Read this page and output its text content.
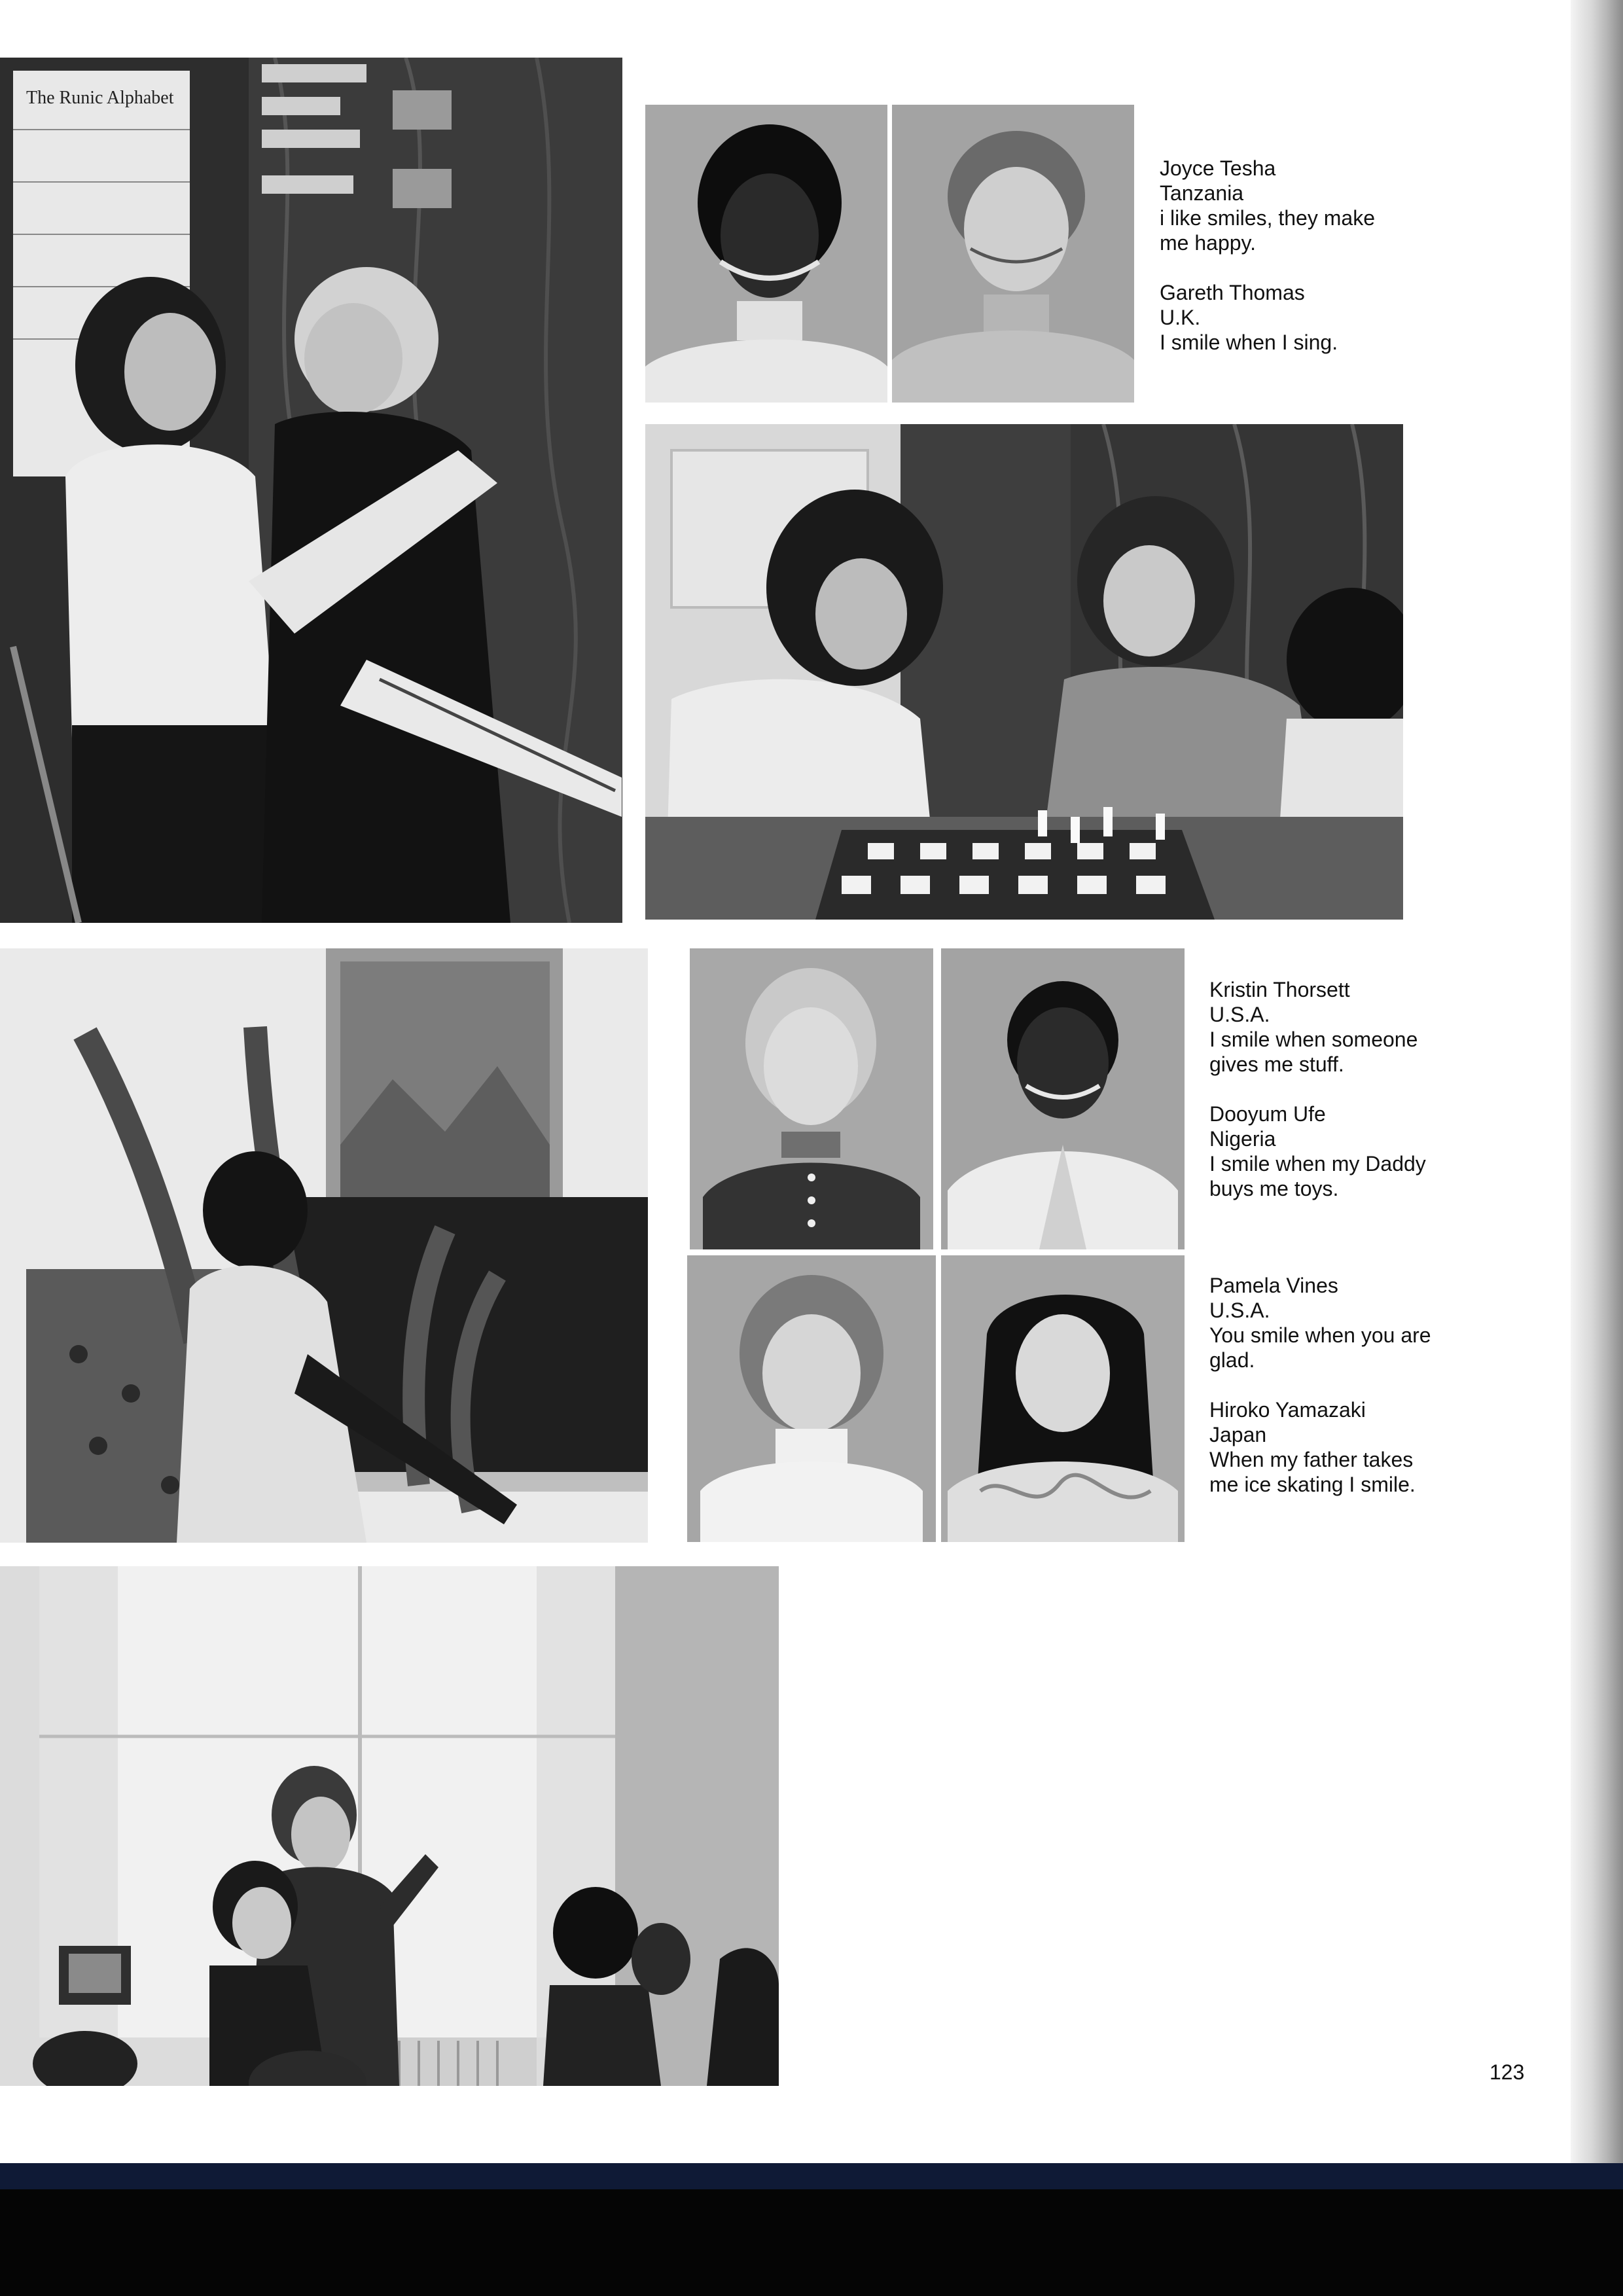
The Runic Alphabet
Joyce Tesha
Tanzania
i like smiles, they make
me happy.
Gareth Thomas
U.K.
I smile when I sing.
Kristin Thorsett
U.S.A.
I smile when someone
gives me stuff.
Dooyum Ufe
Nigeria
I smile when my Daddy
buys me toys.
Pamela Vines
U.S.A.
You smile when you are
glad.
Hiroko Yamazaki
Japan
When my father takes
me ice skating I smile.
123
